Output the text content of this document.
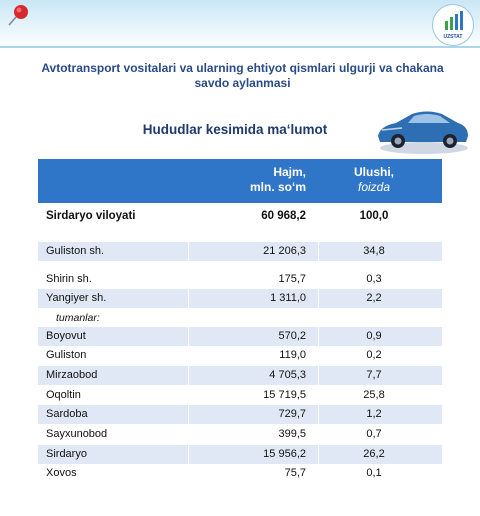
UZSTAT
Avtotransport vositalari va ularning ehtiyot qismlari ulgurji va chakana savdo aylanmasi
Hududlar kesimida maʻlumot
Hajm,
mln. so‘m
Ulushi,
foizda
Sirdaryo viloyati	60 968,2	100,0
Guliston sh.	21 206,3	34,8
Shirin sh.	175,7	0,3
Yangiyer sh.	1 311,0	2,2
tumanlar:
Boyovut	570,2	0,9
Guliston	119,0	0,2
Mirzaobod	4 705,3	7,7
Oqoltin	15 719,5	25,8
Sardoba	729,7	1,2
Sayxunobod	399,5	0,7
Sirdaryo	15 956,2	26,2
Xovos	75,7	0,1
